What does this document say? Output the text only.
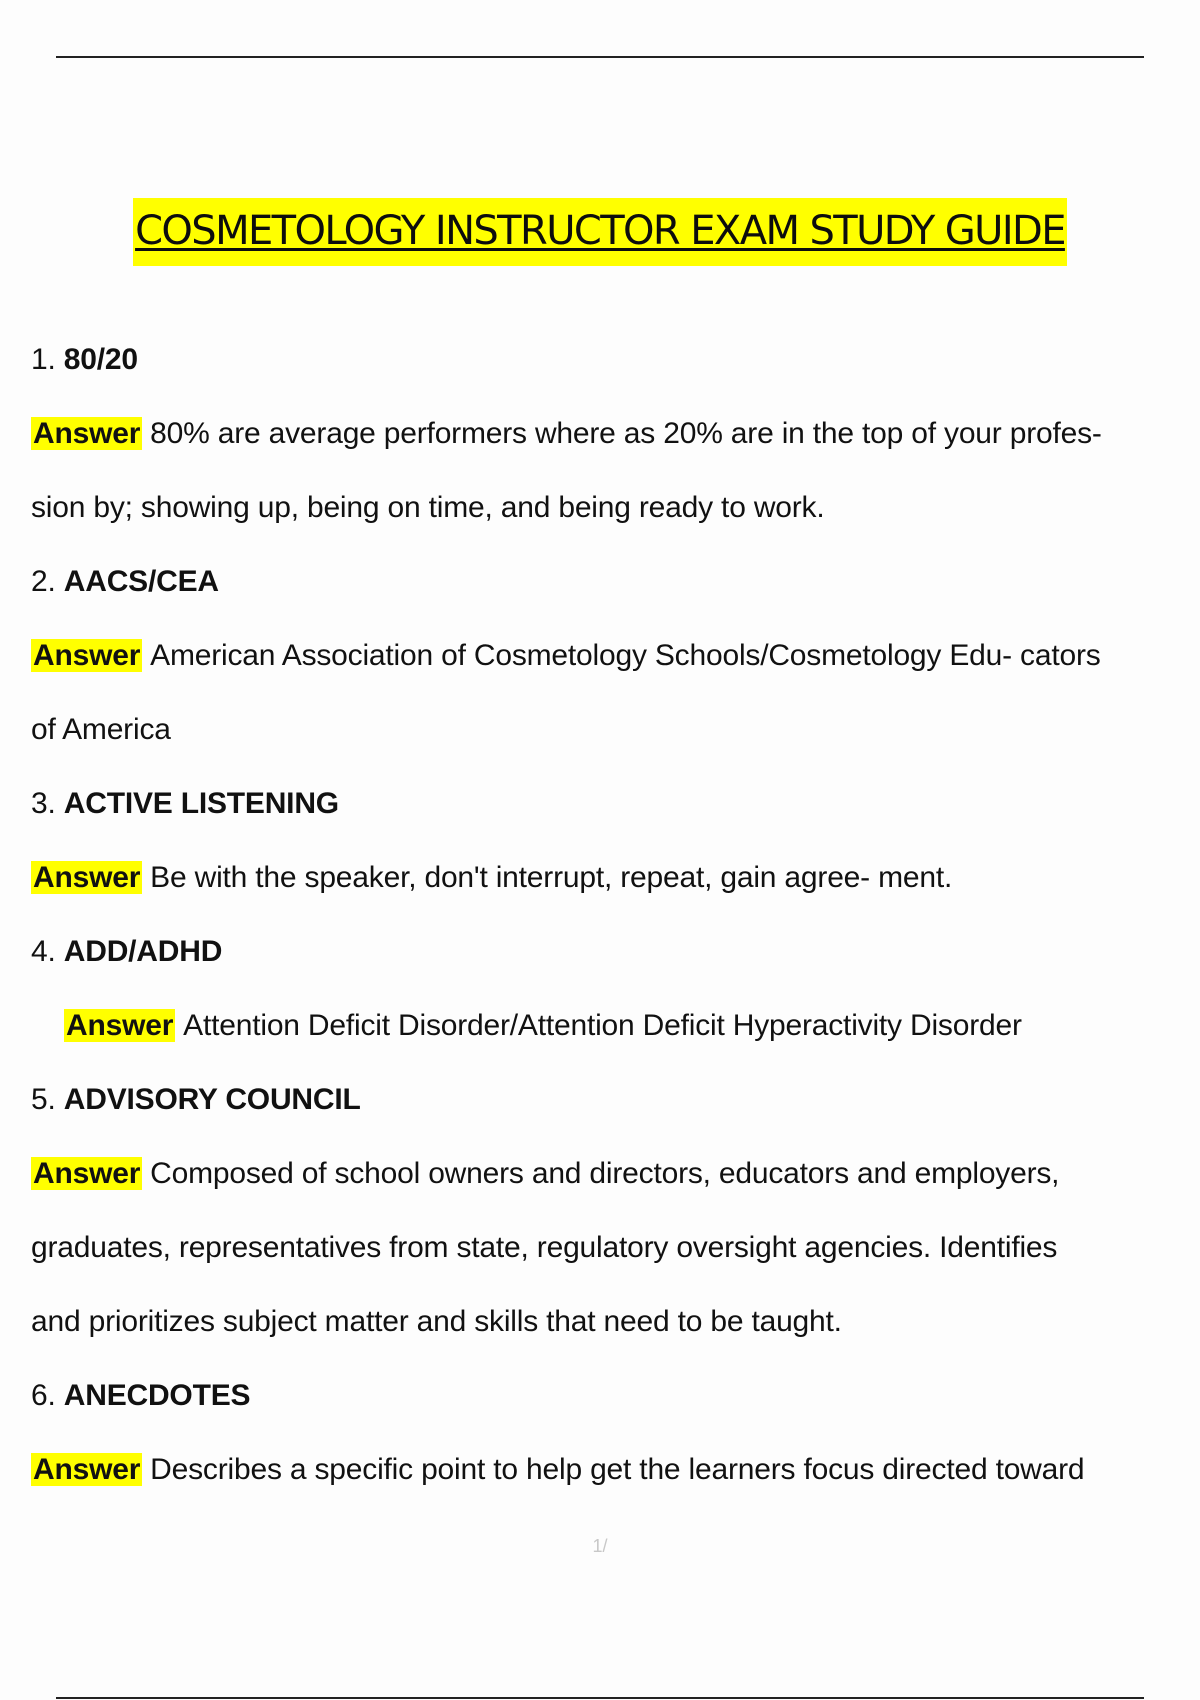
COSMETOLOGY INSTRUCTOR EXAM STUDY GUIDE
1. 80/20
Answer 80% are average performers where as 20% are in the top of your profes-
sion by; showing up, being on time, and being ready to work.
2. AACS/CEA
Answer American Association of Cosmetology Schools/Cosmetology Edu- cators
of America
3. ACTIVE LISTENING
Answer Be with the speaker, don't interrupt, repeat, gain agree- ment.
4. ADD/ADHD
Answer Attention Deficit Disorder/Attention Deficit Hyperactivity Disorder
5. ADVISORY COUNCIL
Answer Composed of school owners and directors, educators and employers,
graduates, representatives from state, regulatory oversight agencies. Identifies
and prioritizes subject matter and skills that need to be taught.
6. ANECDOTES
Answer Describes a specific point to help get the learners focus directed toward
1/
